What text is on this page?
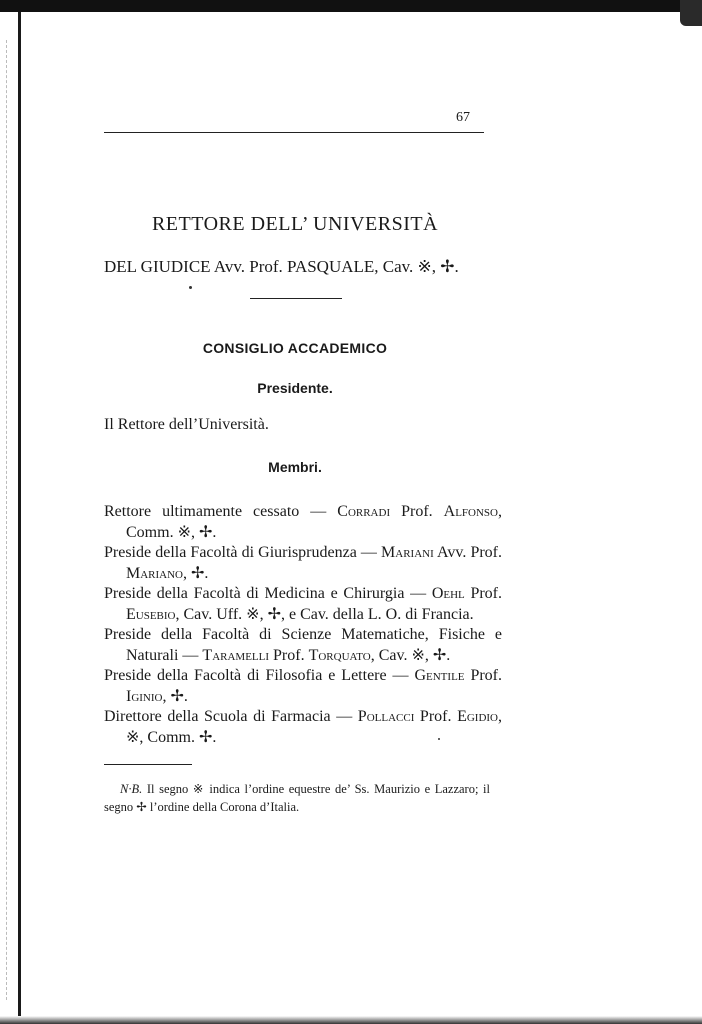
67
RETTORE DELL’ UNIVERSITÀ
DEL GIUDICE Avv. Prof. PASQUALE, Cav. ※, ✢.
CONSIGLIO ACCADEMICO
Presidente.
Il Rettore dell’Università.
Membri.

Rettore ultimamente cessato — Corradi Prof. Alfonso, Comm. ※, ✢.

Preside della Facoltà di Giurisprudenza — Mariani Avv. Prof. Mariano, ✢.

Preside della Facoltà di Medicina e Chirurgia — Oehl Prof. Eusebio, Cav. Uff. ※, ✢, e Cav. della L. O. di Francia.

Preside della Facoltà di Scienze Matematiche, Fisiche e Naturali — Taramelli Prof. Torquato, Cav. ※, ✢.

Preside della Facoltà di Filosofia e Lettere — Gentile Prof. Iginio, ✢.

Direttore della Scuola di Farmacia — Pollacci Prof. Egidio, ※, Comm. ✢.

N·B. Il segno ※ indica l’ordine equestre de’ Ss. Maurizio e Lazzaro; il segno ✢ l’ordine della Corona d’Italia.
